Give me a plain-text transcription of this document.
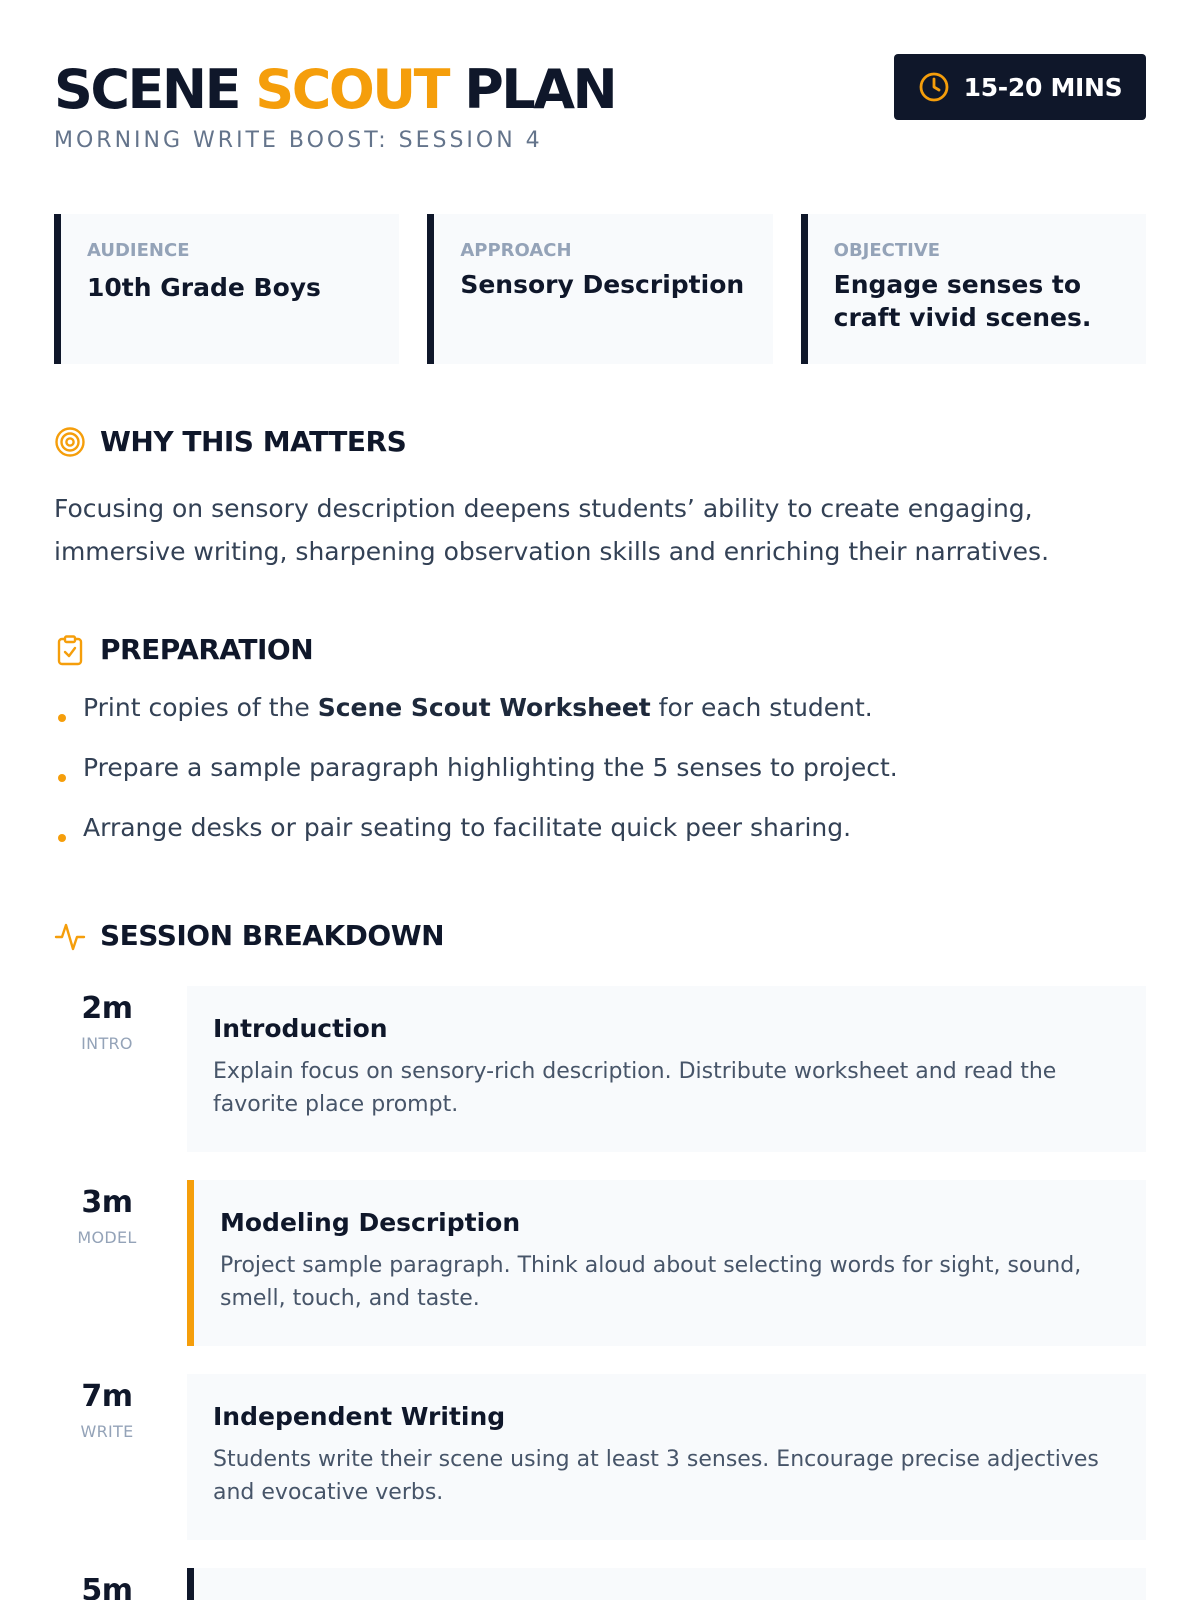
SCENE SCOUT PLAN
MORNING WRITE BOOST: SESSION 4
15-20 MINS
AUDIENCE
10th Grade Boys
APPROACH
Sensory Description
OBJECTIVE
Engage senses to craft vivid scenes.
WHY THIS MATTERS

Focusing on sensory description deepens students’ ability to create engaging, immersive writing, sharpening observation skills and enriching their narratives.

PREPARATION
Print copies of the Scene Scout Worksheet for each student.
Prepare a sample paragraph highlighting the 5 senses to project.
Arrange desks or pair seating to facilitate quick peer sharing.
SESSION BREAKDOWN
2m
INTRO
Introduction
Explain focus on sensory-rich description. Distribute worksheet and read the favorite place prompt.
3m
MODEL
Modeling Description
Project sample paragraph. Think aloud about selecting words for sight, sound, smell, touch, and taste.
7m
WRITE
Independent Writing
Students write their scene using at least 3 senses. Encourage precise adjectives and evocative verbs.
5m
